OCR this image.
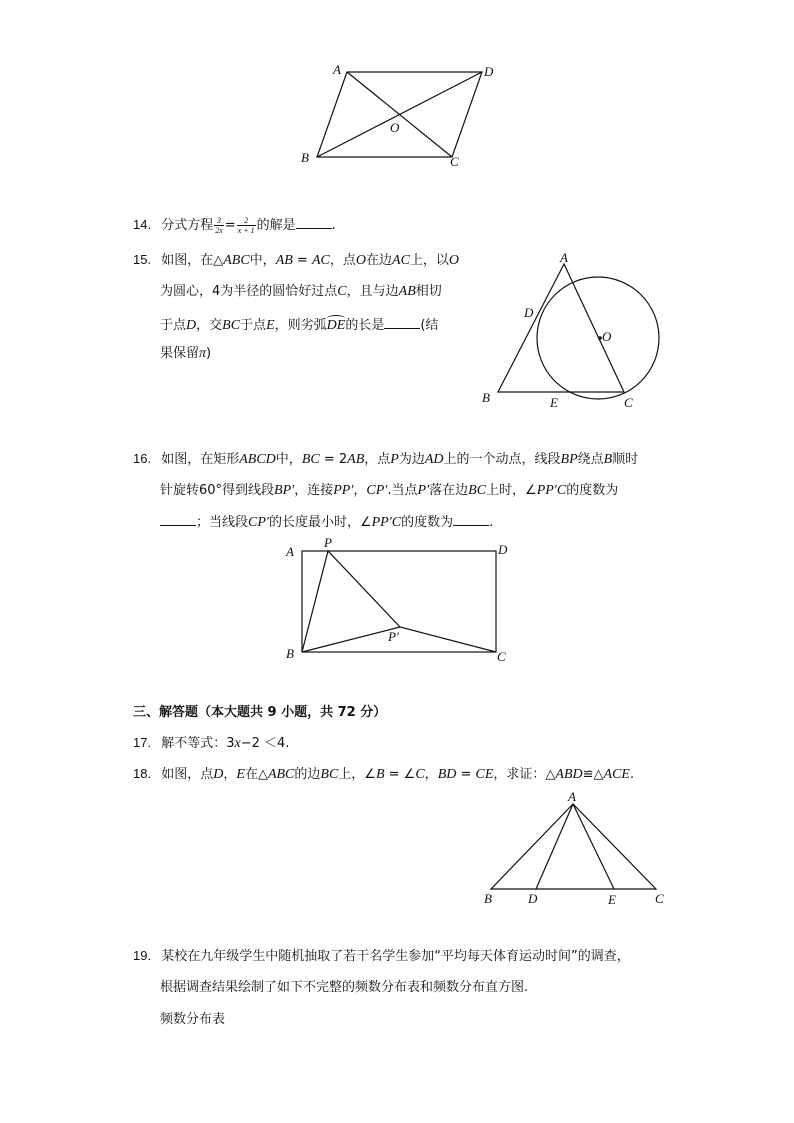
A	D
O
B	C
14. 分式方程 $\frac{3}{2x} = \frac{2}{x + 1}$ 的解是	.
15. 如图，在△ABC中，AB = AC，点O在边AC上，以O
为圆心，4为半径的圆恰好过点C，且与边AB相切
于点D，交BC于点E，则劣弧DE的长是	(结
果保留π)
A
D
O
B	E	C
16. 如图，在矩形ABCD中，BC = 2AB，点P为边AD上的一个动点，线段BP绕点B顺时
针旋转60°得到线段BP′，连接PP′，CP′.当点P′落在边BC上时，∠PP′C的度数为
；当线段CP′的长度最小时，∠PP′C的度数为	.
A
P	D
P′
B	C
三、解答题（本大题共 9 小题，共 72 分）
17. 解不等式：3x−2 ＜4.
18. 如图，点D，E在△ABC的边BC上，∠B = ∠C，BD = CE，求证：△ABD≌△ACE.
A
B	D	E	C
19. 某校在九年级学生中随机抽取了若干名学生参加“平均每天体育运动时间”的调查，
根据调查结果绘制了如下不完整的频数分布表和频数分布直方图.
频数分布表
